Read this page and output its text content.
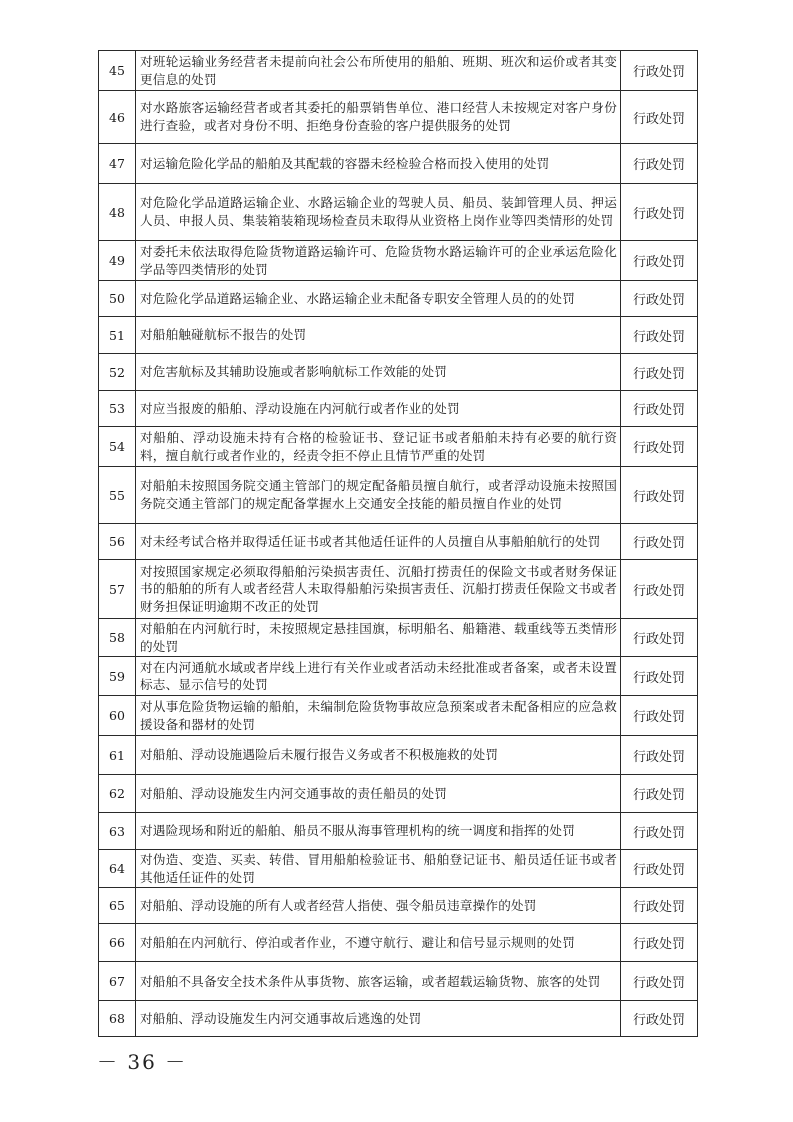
45	对班轮运输业务经营者未提前向社会公布所使用的船舶、班期、班次和运价或者其变更信息的处罚	行政处罚
46	对水路旅客运输经营者或者其委托的船票销售单位、港口经营人未按规定对客户身份进行查验，或者对身份不明、拒绝身份查验的客户提供服务的处罚	行政处罚
47	对运输危险化学品的船舶及其配载的容器未经检验合格而投入使用的处罚	行政处罚
48	对危险化学品道路运输企业、水路运输企业的驾驶人员、船员、装卸管理人员、押运人员、申报人员、集装箱装箱现场检查员未取得从业资格上岗作业等四类情形的处罚	行政处罚
49	对委托未依法取得危险货物道路运输许可、危险货物水路运输许可的企业承运危险化学品等四类情形的处罚	行政处罚
50	对危险化学品道路运输企业、水路运输企业未配备专职安全管理人员的的处罚	行政处罚
51	对船舶触碰航标不报告的处罚	行政处罚
52	对危害航标及其辅助设施或者影响航标工作效能的处罚	行政处罚
53	对应当报废的船舶、浮动设施在内河航行或者作业的处罚	行政处罚
54	对船舶、浮动设施未持有合格的检验证书、登记证书或者船舶未持有必要的航行资料，擅自航行或者作业的，经责令拒不停止且情节严重的处罚	行政处罚
55	对船舶未按照国务院交通主管部门的规定配备船员擅自航行，或者浮动设施未按照国务院交通主管部门的规定配备掌握水上交通安全技能的船员擅自作业的处罚	行政处罚
56	对未经考试合格并取得适任证书或者其他适任证件的人员擅自从事船舶航行的处罚	行政处罚
57	对按照国家规定必须取得船舶污染损害责任、沉船打捞责任的保险文书或者财务保证书的船舶的所有人或者经营人未取得船舶污染损害责任、沉船打捞责任保险文书或者财务担保证明逾期不改正的处罚	行政处罚
58	对船舶在内河航行时，未按照规定悬挂国旗，标明船名、船籍港、载重线等五类情形的处罚	行政处罚
59	对在内河通航水域或者岸线上进行有关作业或者活动未经批准或者备案，或者未设置标志、显示信号的处罚	行政处罚
60	对从事危险货物运输的船舶，未编制危险货物事故应急预案或者未配备相应的应急救援设备和器材的处罚	行政处罚
61	对船舶、浮动设施遇险后未履行报告义务或者不积极施救的处罚	行政处罚
62	对船舶、浮动设施发生内河交通事故的责任船员的处罚	行政处罚
63	对遇险现场和附近的船舶、船员不服从海事管理机构的统一调度和指挥的处罚	行政处罚
64	对伪造、变造、买卖、转借、冒用船舶检验证书、船舶登记证书、船员适任证书或者其他适任证件的处罚	行政处罚
65	对船舶、浮动设施的所有人或者经营人指使、强令船员违章操作的处罚	行政处罚
66	对船舶在内河航行、停泊或者作业，不遵守航行、避让和信号显示规则的处罚	行政处罚
67	对船舶不具备安全技术条件从事货物、旅客运输，或者超载运输货物、旅客的处罚	行政处罚
68	对船舶、浮动设施发生内河交通事故后逃逸的处罚	行政处罚
－ 36 －
